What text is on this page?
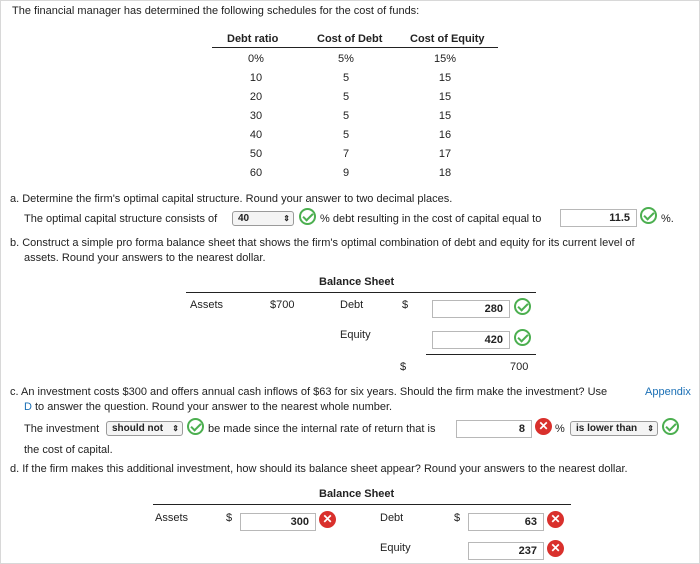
The financial manager has determined the following schedules for the cost of funds:
Debt ratio	Cost of Debt	Cost of Equity
0%	5%	15%
10	5	15
20	5	15
30	5	15
40	5	16
50	7	17
60	9	18
a. Determine the firm's optimal capital structure. Round your answer to two decimal places.
The optimal capital structure consists of	40	⇕	% debt resulting in the cost of capital equal to	11.5	%.
b. Construct a simple pro forma balance sheet that shows the firm's optimal combination of debt and equity for its current level of
assets. Round your answers to the nearest dollar.
Balance Sheet
Assets	$700	Debt	$	280
Equity	420
$	700
c. An investment costs $300 and offers annual cash inflows of $63 for six years. Should the firm make the investment? Use	Appendix
D to answer the question. Round your answer to the nearest whole number.
The investment	should not ⇕	be made since the internal rate of return that is	8	✕ %	is lower than ⇕
the cost of capital.
d. If the firm makes this additional investment, how should its balance sheet appear? Round your answers to the nearest dollar.
Balance Sheet
Assets	$	300	✕	Debt	$	63	✕
Equity	237	✕
